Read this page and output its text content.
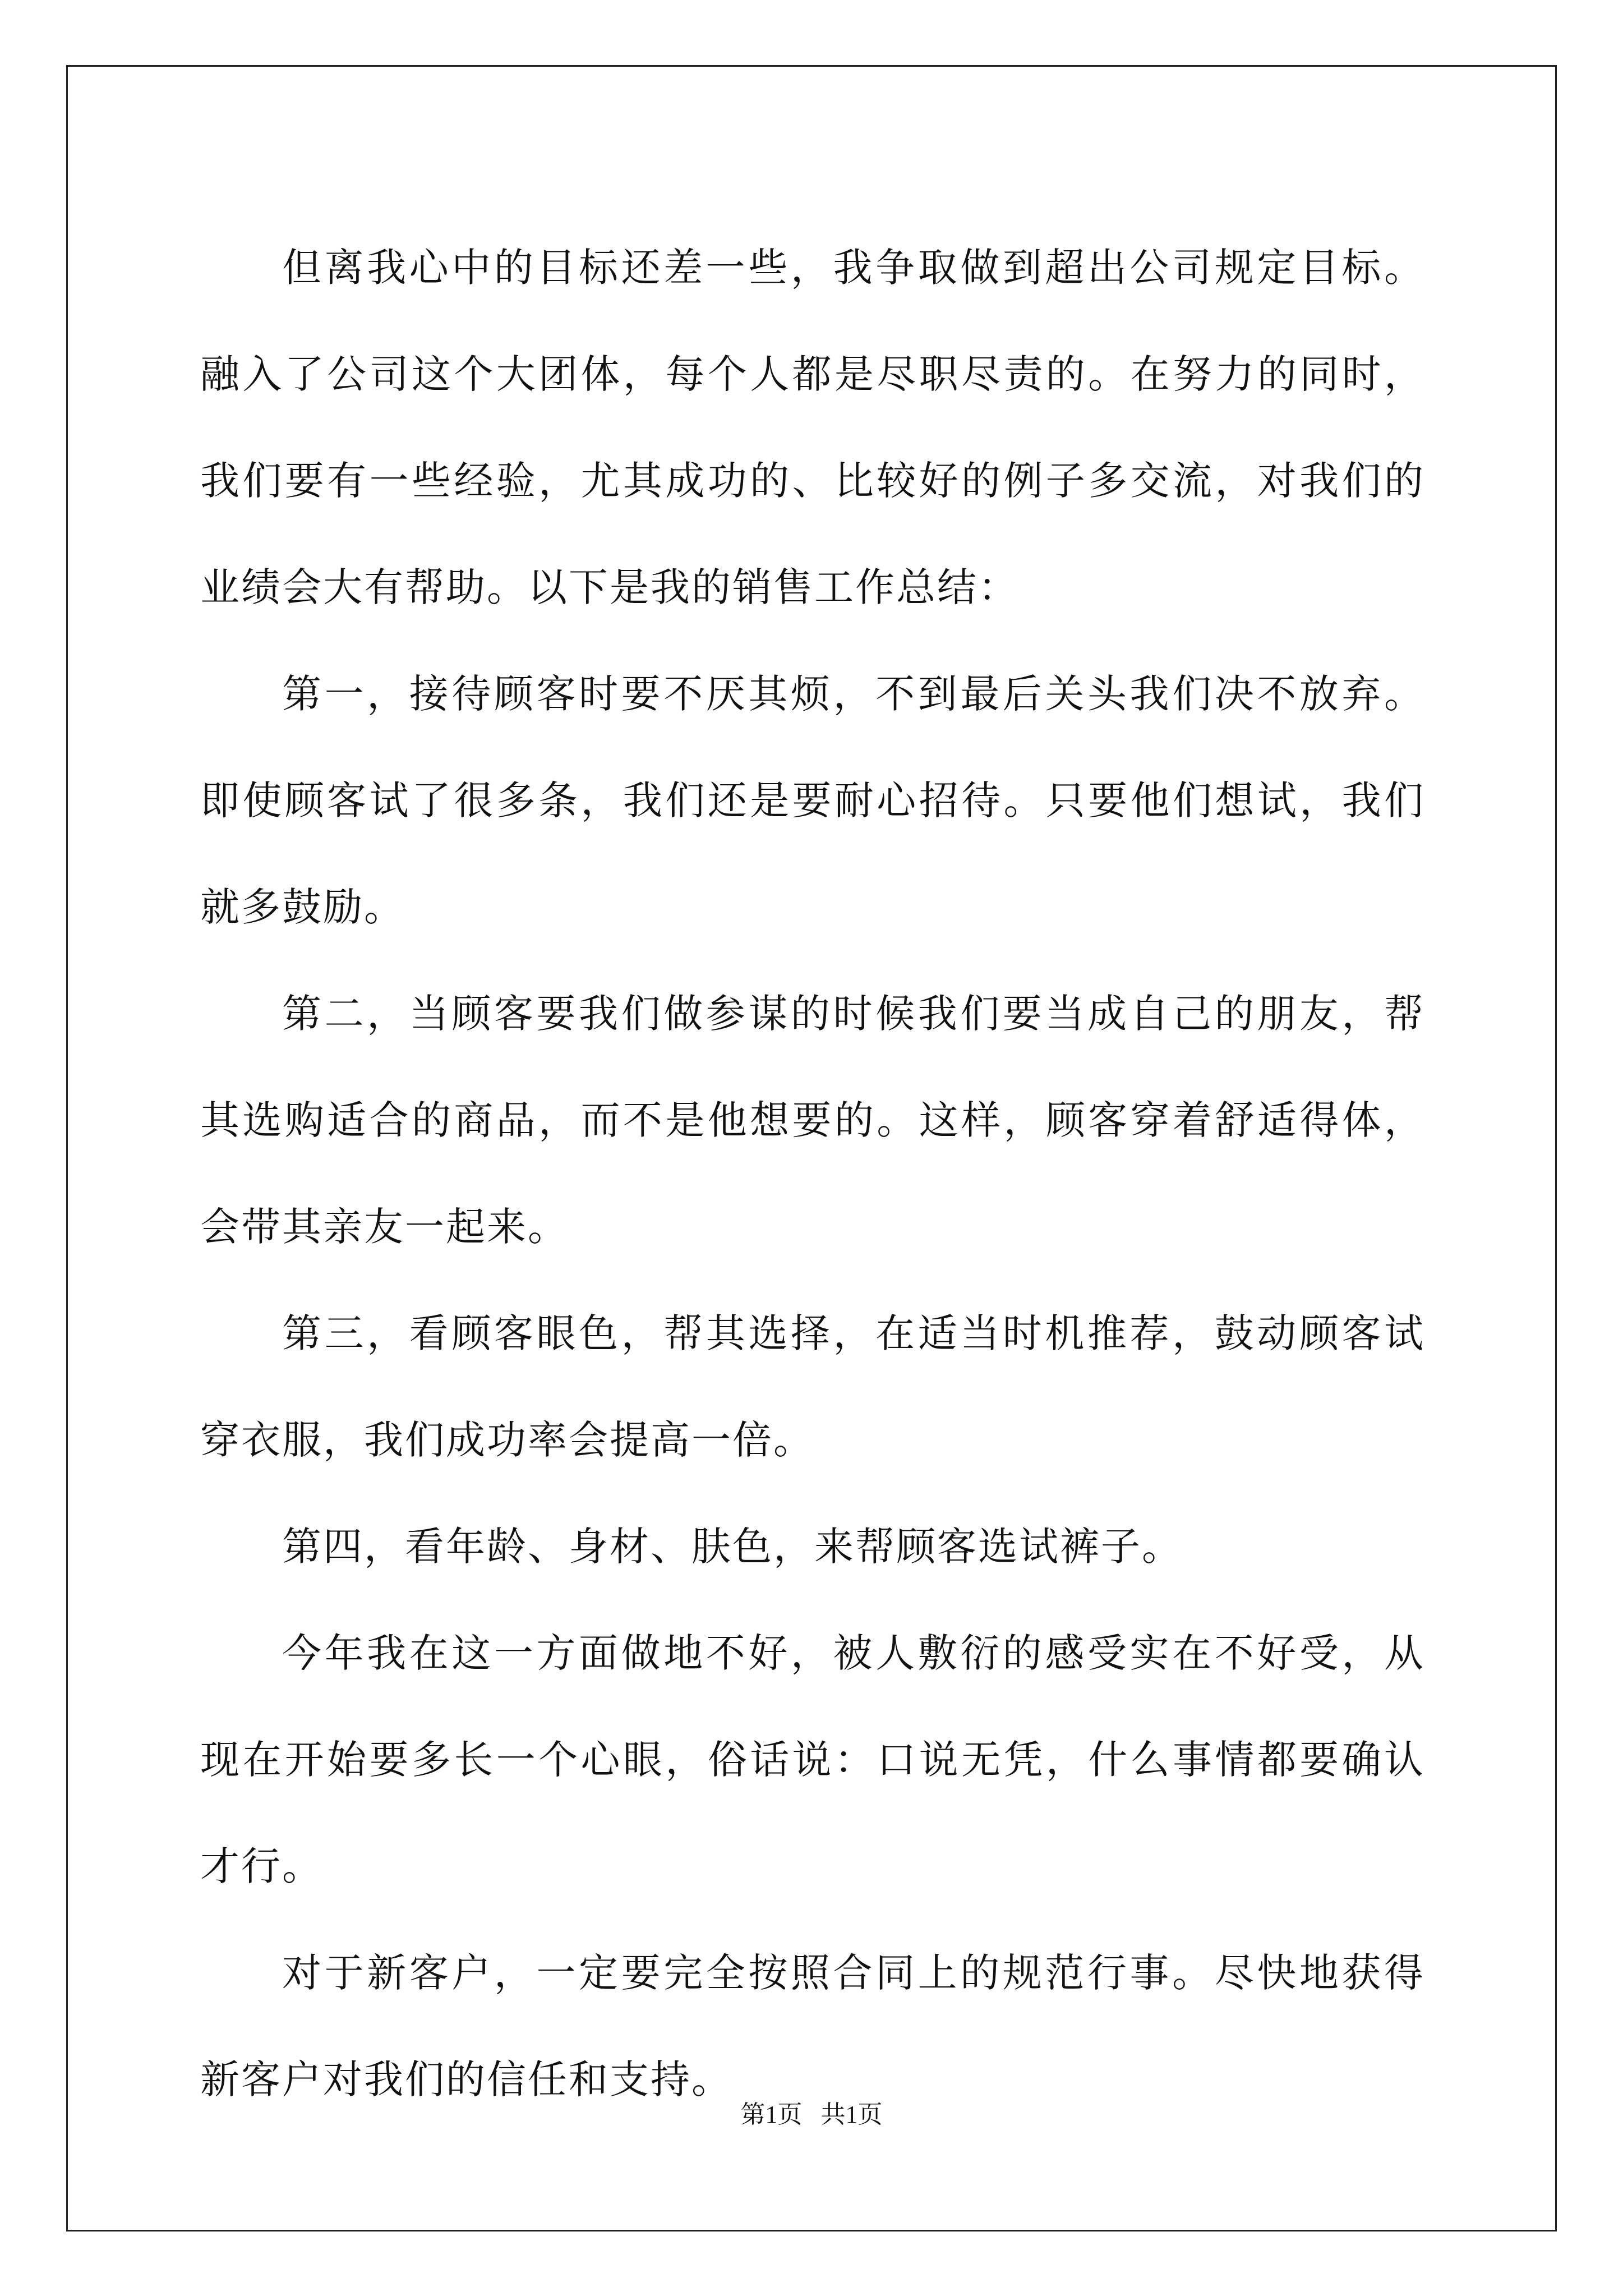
但离我心中的目标还差一些，我争取做到超出公司规定目标。融入了公司这个大团体，每个人都是尽职尽责的。在努力的同时，我们要有一些经验，尤其成功的、比较好的例子多交流，对我们的业绩会大有帮助。以下是我的销售工作总结：

第一，接待顾客时要不厌其烦，不到最后关头我们决不放弃。即使顾客试了很多条，我们还是要耐心招待。只要他们想试，我们就多鼓励。

第二，当顾客要我们做参谋的时候我们要当成自己的朋友，帮其选购适合的商品，而不是他想要的。这样，顾客穿着舒适得体，会带其亲友一起来。

第三，看顾客眼色，帮其选择，在适当时机推荐，鼓动顾客试穿衣服，我们成功率会提高一倍。

第四，看年龄、身材、肤色，来帮顾客选试裤子。

今年我在这一方面做地不好，被人敷衍的感受实在不好受，从现在开始要多长一个心眼，俗话说：口说无凭，什么事情都要确认才行。

对于新客户，一定要完全按照合同上的规范行事。尽快地获得新客户对我们的信任和支持。

第1页   共1页
